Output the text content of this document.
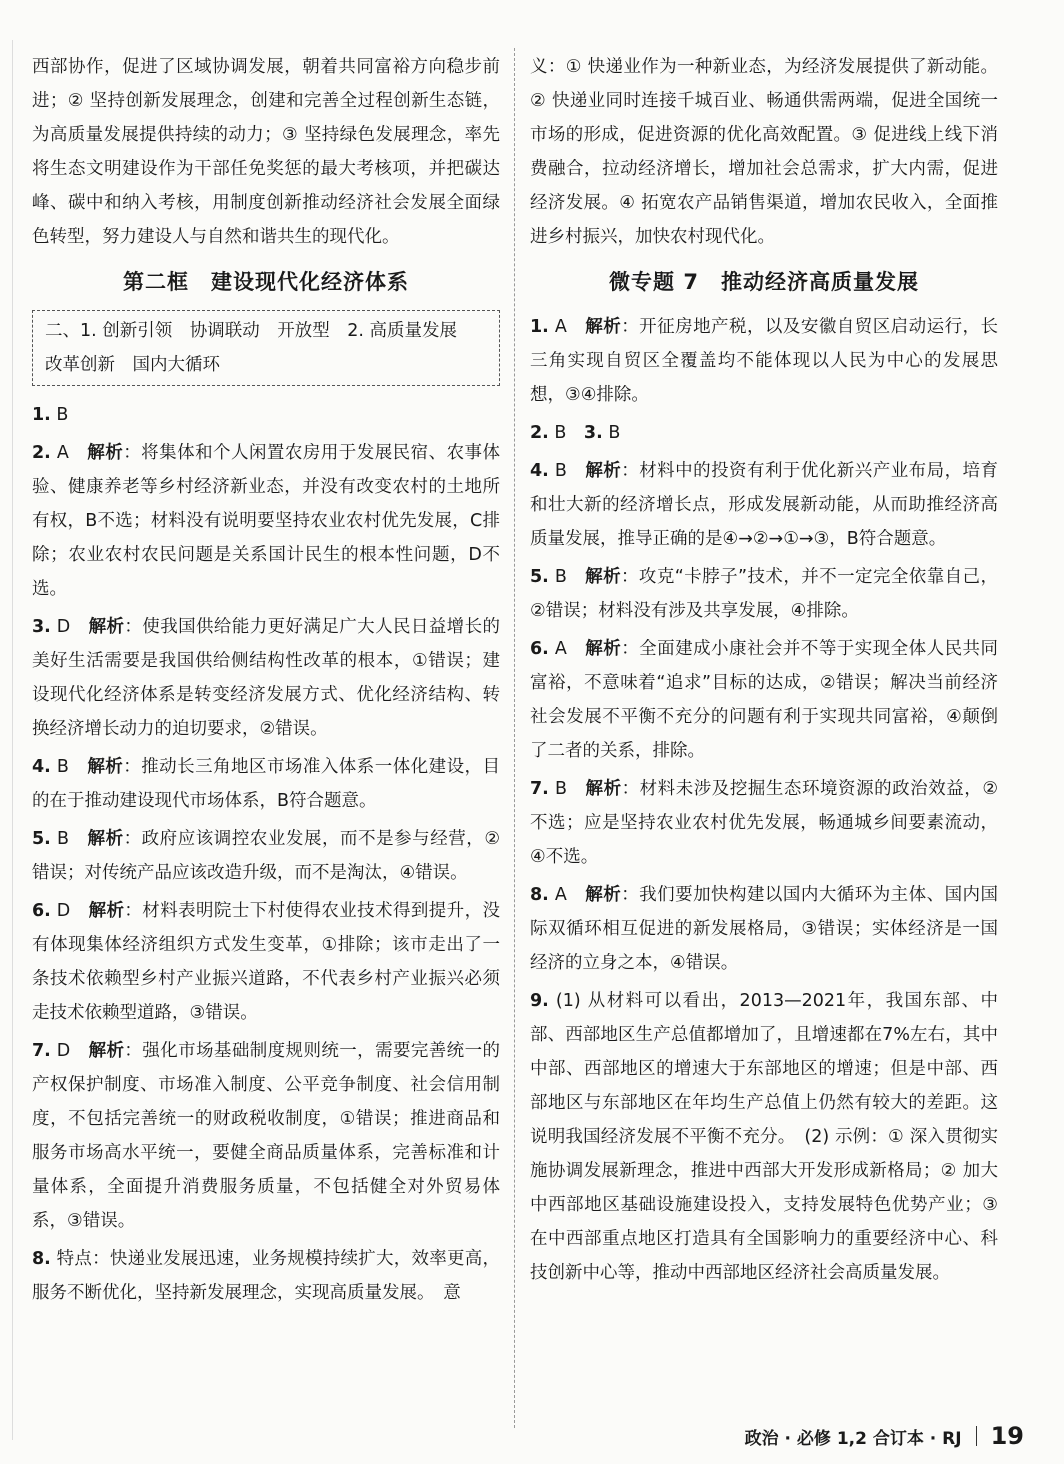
西部协作，促进了区域协调发展，朝着共同富裕方向稳步前进；② 坚持创新发展理念，创建和完善全过程创新生态链，为高质量发展提供持续的动力；③ 坚持绿色发展理念，率先将生态文明建设作为干部任免奖惩的最大考核项，并把碳达峰、碳中和纳入考核，用制度创新推动经济社会发展全面绿色转型，努力建设人与自然和谐共生的现代化。

第二框 建设现代化经济体系
二、1. 创新引领　协调联动　开放型　2. 高质量发展　改革创新　国内大循环

1. B

2. A　 解析：将集体和个人闲置农房用于发展民宿、农事体验、健康养老等乡村经济新业态，并没有改变农村的土地所有权，B不选；材料没有说明要坚持农业农村优先发展，C排除；农业农村农民问题是关系国计民生的根本性问题，D不选。

3. D　 解析：使我国供给能力更好满足广大人民日益增长的美好生活需要是我国供给侧结构性改革的根本，①错误；建设现代化经济体系是转变经济发展方式、优化经济结构、转换经济增长动力的迫切要求，②错误。

4. B　 解析：推动长三角地区市场准入体系一体化建设，目的在于推动建设现代市场体系，B符合题意。

5. B　 解析：政府应该调控农业发展，而不是参与经营，②错误；对传统产品应该改造升级，而不是淘汰，④错误。

6. D　 解析：材料表明院士下村使得农业技术得到提升，没有体现集体经济组织方式发生变革，①排除；该市走出了一条技术依赖型乡村产业振兴道路，不代表乡村产业振兴必须走技术依赖型道路，③错误。

7. D　 解析：强化市场基础制度规则统一，需要完善统一的产权保护制度、市场准入制度、公平竞争制度、社会信用制度，不包括完善统一的财政税收制度，①错误；推进商品和服务市场高水平统一，要健全商品质量体系，完善标准和计量体系，全面提升消费服务质量，不包括健全对外贸易体系，③错误。

8. 特点：快递业发展迅速，业务规模持续扩大，效率更高，服务不断优化，坚持新发展理念，实现高质量发展。　意

义：① 快递业作为一种新业态，为经济发展提供了新动能。② 快递业同时连接千城百业、畅通供需两端，促进全国统一市场的形成，促进资源的优化高效配置。③ 促进线上线下消费融合，拉动经济增长，增加社会总需求，扩大内需，促进经济发展。④ 拓宽农产品销售渠道，增加农民收入，全面推进乡村振兴，加快农村现代化。

微专题 7 推动经济高质量发展

1. A　 解析：开征房地产税，以及安徽自贸区启动运行，长三角实现自贸区全覆盖均不能体现以人民为中心的发展思想，③④排除。

2. B　 3. B

4. B　 解析：材料中的投资有利于优化新兴产业布局，培育和壮大新的经济增长点，形成发展新动能，从而助推经济高质量发展，推导正确的是④→②→①→③，B符合题意。

5. B　 解析：攻克“卡脖子”技术，并不一定完全依靠自己，②错误；材料没有涉及共享发展，④排除。

6. A　 解析：全面建成小康社会并不等于实现全体人民共同富裕，不意味着“追求”目标的达成，②错误；解决当前经济社会发展不平衡不充分的问题有利于实现共同富裕，④颠倒了二者的关系，排除。

7. B　 解析：材料未涉及挖掘生态环境资源的政治效益，②不选；应是坚持农业农村优先发展，畅通城乡间要素流动，④不选。

8. A　 解析：我们要加快构建以国内大循环为主体、国内国际双循环相互促进的新发展格局，③错误；实体经济是一国经济的立身之本，④错误。

9. (1) 从材料可以看出，2013—2021年，我国东部、中部、西部地区生产总值都增加了，且增速都在7%左右，其中中部、西部地区的增速大于东部地区的增速；但是中部、西部地区与东部地区在年均生产总值上仍然有较大的差距。这说明我国经济发展不平衡不充分。　(2) 示例：① 深入贯彻实施协调发展新理念，推进中西部大开发形成新格局；② 加大中西部地区基础设施建设投入，支持发展特色优势产业；③ 在中西部重点地区打造具有全国影响力的重要经济中心、科技创新中心等，推动中西部地区经济社会高质量发展。

政治 · 必修 1,2 合订本 · RJ 19
